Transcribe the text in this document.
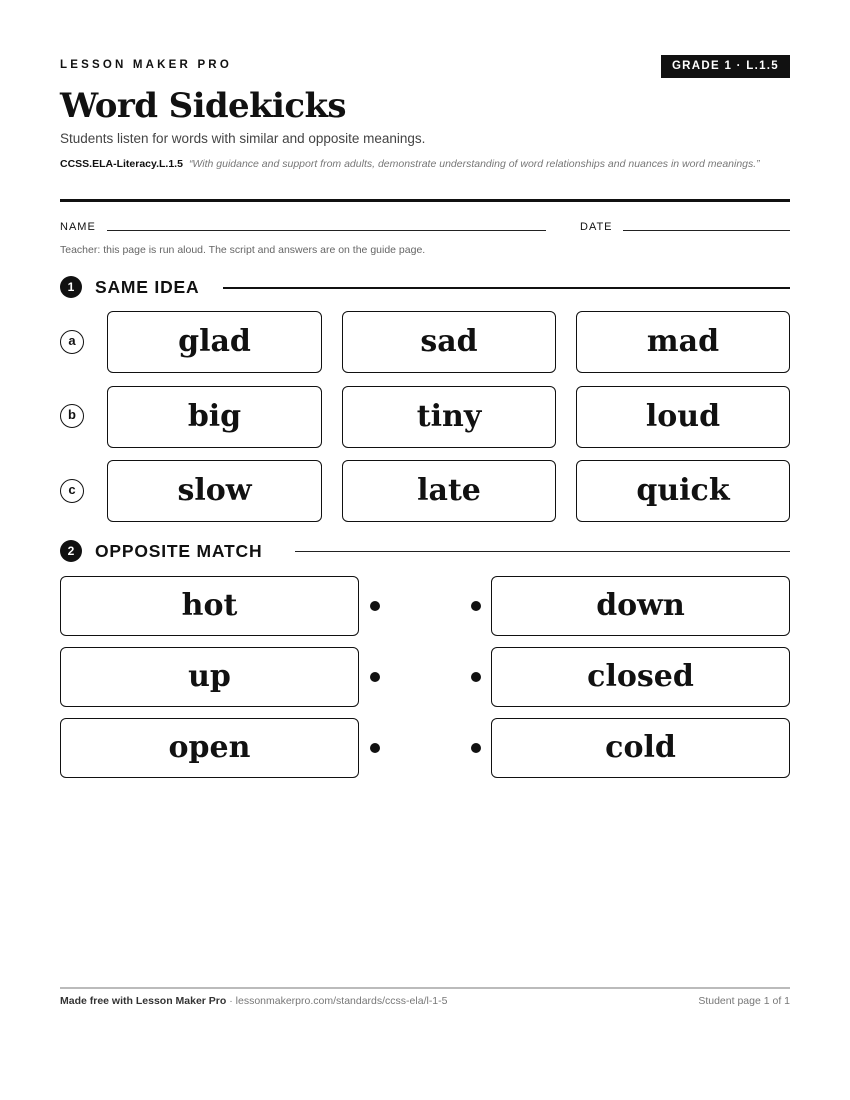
LESSON MAKER PRO	GRADE 1 · L.1.5
Word Sidekicks
Students listen for words with similar and opposite meanings.
CCSS.ELA-Literacy.L.1.5 “With guidance and support from adults, demonstrate understanding of word relationships and nuances in word meanings.”
NAME	DATE
Teacher: this page is run aloud. The script and answers are on the guide page.
1	SAME IDEA
a	glad	sad	mad
b	big	tiny	loud
c	slow	late	quick
2	OPPOSITE MATCH
hot	down
up	closed
open	cold
Made free with Lesson Maker Pro · lessonmakerpro.com/standards/ccss-ela/l-1-5	Student page 1 of 1
